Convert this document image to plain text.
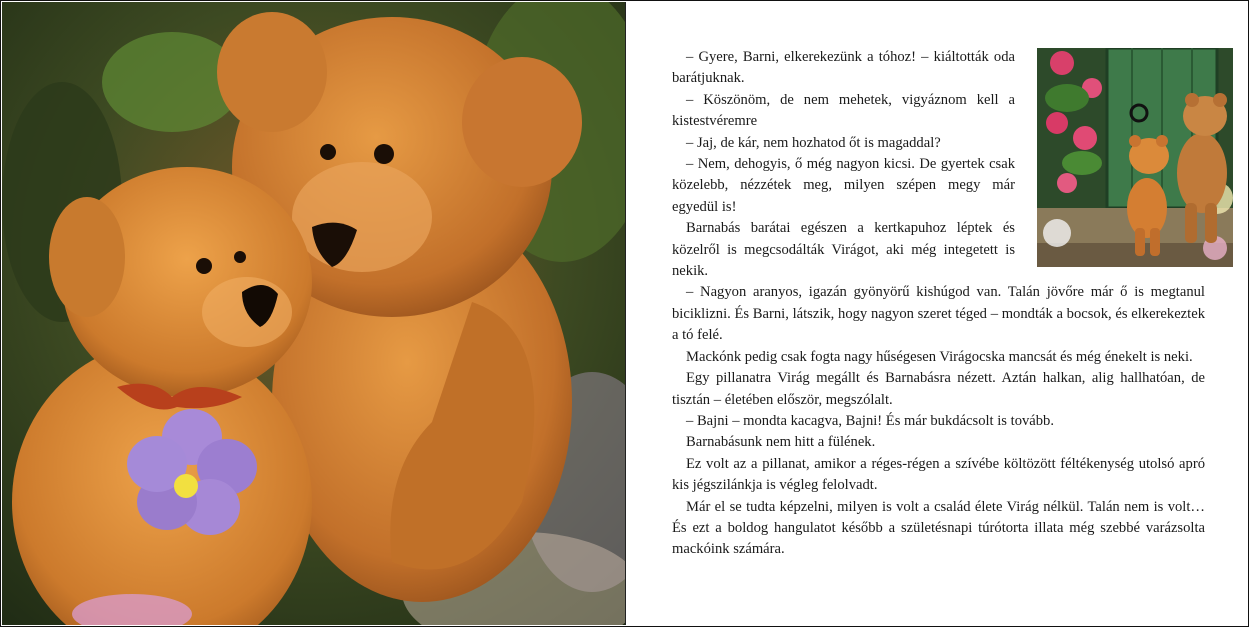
– Gyere, Barni, elkerekezünk a tóhoz! – kiáltották oda barátjuknak.

– Köszönöm, de nem mehetek, vigyáznom kell a kistestvéremre

– Jaj, de kár, nem hozhatod őt is magaddal?

– Nem, dehogyis, ő még nagyon kicsi. De gyertek csak közelebb, nézzétek meg, milyen szépen megy már egyedül is!

Barnabás barátai egészen a kertkapuhoz léptek és közelről is megcsodálták Virágot, aki még integetett is nekik.

– Nagyon aranyos, igazán gyönyörű kishúgod van. Talán jövőre már ő is megtanul biciklizni. És Barni, látszik, hogy nagyon szeret téged – mondták a bocsok, és elkerekeztek a tó felé.

Mackónk pedig csak fogta nagy hűségesen Virágocska mancsát és még énekelt is neki.

Egy pillanatra Virág megállt és Barnabásra nézett. Aztán halkan, alig hallhatóan, de tisztán – életében először, megszólalt.

– Bajni – mondta kacagva, Bajni! És már bukdácsolt is tovább.

Barnabásunk nem hitt a fülének.

Ez volt az a pillanat, amikor a réges-régen a szívébe költözött féltékenység utolsó apró kis jégszilánkja is végleg felolvadt.

Már el se tudta képzelni, milyen is volt a család élete Virág nélkül. Talán nem is volt…És ezt a boldog hangulatot később a születésnapi túrótorta illata még szebbé varázsolta mackóink számára.
